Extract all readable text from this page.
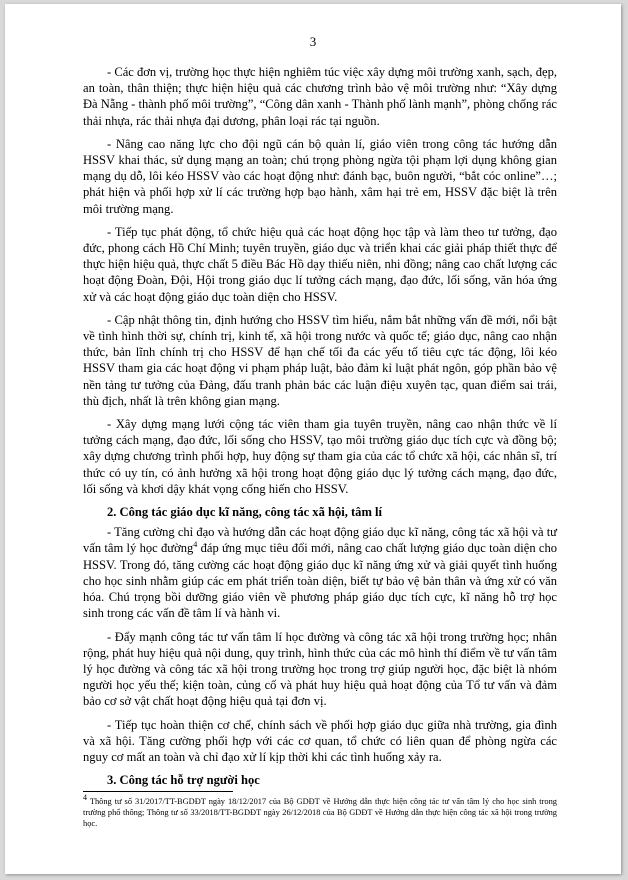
3

- Các đơn vị, trường học thực hiện nghiêm túc việc xây dựng môi trường xanh, sạch, đẹp, an toàn, thân thiện; thực hiện hiệu quả các chương trình bảo vệ môi trường như: “Xây dựng Đà Nẵng - thành phố môi trường”, “Công dân xanh - Thành phố lành mạnh”, phòng chống rác thải nhựa, rác thải nhựa đại dương, phân loại rác tại nguồn.

- Nâng cao năng lực cho đội ngũ cán bộ quản lí, giáo viên trong công tác hướng dẫn HSSV khai thác, sử dụng mạng an toàn; chú trọng phòng ngừa tội phạm lợi dụng không gian mạng dụ dỗ, lôi kéo HSSV vào các hoạt động như: đánh bạc, buôn người, “bắt cóc online”…; phát hiện và phối hợp xử lí các trường hợp bạo hành, xâm hại trẻ em, HSSV đặc biệt là trên môi trường mạng.

- Tiếp tục phát động, tổ chức hiệu quả các hoạt động học tập và làm theo tư tưởng, đạo đức, phong cách Hồ Chí Minh; tuyên truyền, giáo dục và triển khai các giải pháp thiết thực để thực hiện hiệu quả, thực chất 5 điều Bác Hồ dạy thiếu niên, nhi đồng; nâng cao chất lượng các hoạt động Đoàn, Đội, Hội trong giáo dục lí tưởng cách mạng, đạo đức, lối sống, văn hóa ứng xử và các hoạt động giáo dục toàn diện cho HSSV.

- Cập nhật thông tin, định hướng cho HSSV tìm hiểu, nắm bắt những vấn đề mới, nổi bật về tình hình thời sự, chính trị, kinh tế, xã hội trong nước và quốc tế; giáo dục, nâng cao nhận thức, bản lĩnh chính trị cho HSSV để hạn chế tối đa các yếu tố tiêu cực tác động, lôi kéo HSSV tham gia các hoạt động vi phạm pháp luật, bảo đảm kỉ luật phát ngôn, góp phần bảo vệ nền tảng tư tưởng của Đảng, đấu tranh phản bác các luận điệu xuyên tạc, quan điểm sai trái, thù địch, nhất là trên không gian mạng.

- Xây dựng mạng lưới cộng tác viên tham gia tuyên truyền, nâng cao nhận thức về lí tưởng cách mạng, đạo đức, lối sống cho HSSV, tạo môi trường giáo dục tích cực và đồng bộ; xây dựng chương trình phối hợp, huy động sự tham gia của các tổ chức xã hội, các nhân sĩ, trí thức có uy tín, có ảnh hưởng xã hội trong hoạt động giáo dục lý tưởng cách mạng, đạo đức, lối sống và khơi dậy khát vọng cống hiến cho HSSV.

2. Công tác giáo dục kĩ năng, công tác xã hội, tâm lí

- Tăng cường chỉ đạo và hướng dẫn các hoạt động giáo dục kĩ năng, công tác xã hội và tư vấn tâm lý học đường$^4$ đáp ứng mục tiêu đổi mới, nâng cao chất lượng giáo dục toàn diện cho HSSV. Trong đó, tăng cường các hoạt động giáo dục kĩ năng ứng xử và giải quyết tình huống cho học sinh nhằm giúp các em phát triển toàn diện, biết tự bảo vệ bản thân và ứng xử có văn hóa. Chú trọng bồi dưỡng giáo viên về phương pháp giáo dục tích cực, kĩ năng hỗ trợ học sinh trong các vấn đề tâm lí và hành vi.

- Đẩy mạnh công tác tư vấn tâm lí học đường và công tác xã hội trong trường học; nhân rộng, phát huy hiệu quả nội dung, quy trình, hình thức của các mô hình thí điểm về tư vấn tâm lý học đường và công tác xã hội trong trường học trong trợ giúp người học, đặc biệt là nhóm người học yếu thế; kiện toàn, củng cố và phát huy hiệu quả hoạt động của Tổ tư vấn và đảm bảo cơ sở vật chất hoạt động hiệu quả tại đơn vị.

- Tiếp tục hoàn thiện cơ chế, chính sách về phối hợp giáo dục giữa nhà trường, gia đình và xã hội. Tăng cường phối hợp với các cơ quan, tổ chức có liên quan để phòng ngừa các nguy cơ mất an toàn và chỉ đạo xử lí kịp thời khi các tình huống xảy ra.

3. Công tác hỗ trợ người học
$^4$ Thông tư số 31/2017/TT-BGDĐT ngày 18/12/2017 của Bộ GDĐT về Hướng dẫn thực hiện công tác tư vấn tâm lý cho học sinh trong trường phổ thông; Thông tư số 33/2018/TT-BGDĐT ngày 26/12/2018 của Bộ GDĐT về Hướng dẫn thực hiện công tác xã hội trong trường học.
